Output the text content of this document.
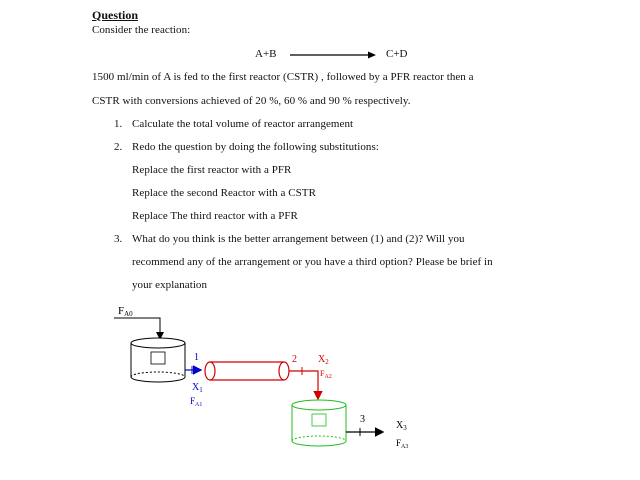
Question
Consider the reaction:
A+B	C+D
1500 ml/min of A is fed to the first reactor (CSTR) , followed by a PFR reactor then a
CSTR with conversions achieved of 20 %, 60 % and 90 % respectively.
1. Calculate the total volume of reactor arrangement
2. Redo the question by doing the following substitutions:
Replace the first reactor with a PFR
Replace the second Reactor with a CSTR
Replace The third reactor with a PFR
3. What do you think is the better arrangement between (1) and (2)? Will you
recommend any of the arrangement or you have a third option? Please be brief in
your explanation
FA0
1
$X_1$
$F_{A1}$
2 $X_2$
$F_{A2}$
3
$X_3$
$F_{A3}$
